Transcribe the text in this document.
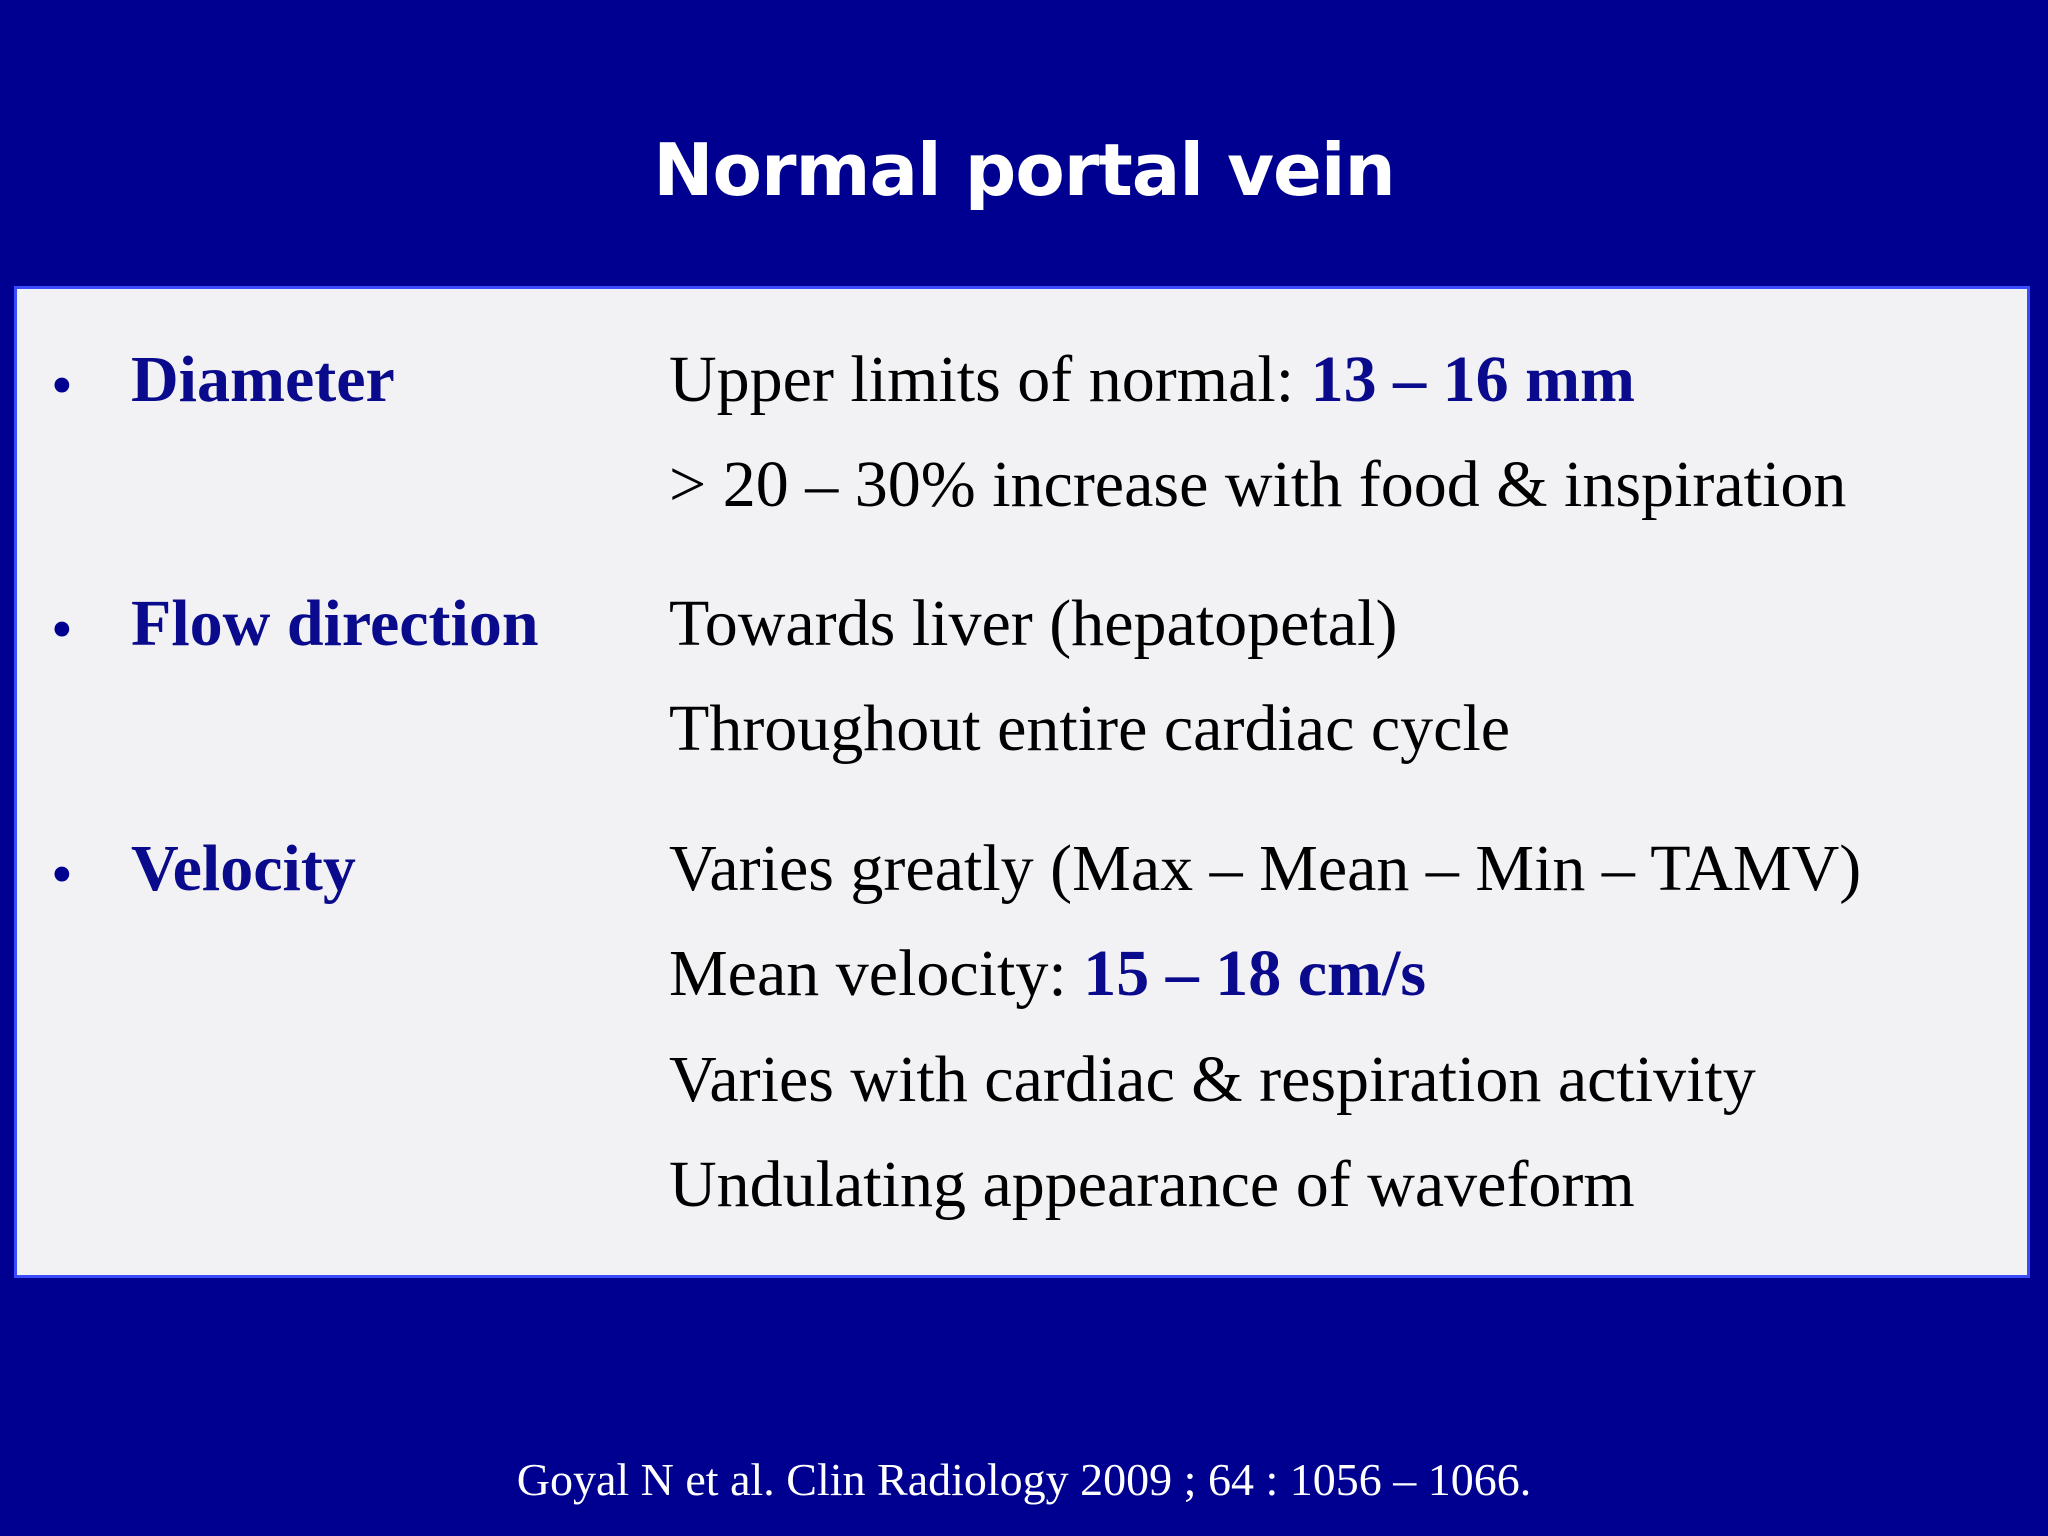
Normal portal vein
• Diameter	Upper limits of normal: 13 – 16 mm
> 20 – 30% increase with food & inspiration
• Flow direction Towards liver (hepatopetal)
Throughout entire cardiac cycle
• Velocity	Varies greatly (Max – Mean – Min – TAMV)
Mean velocity: 15 – 18 cm/s
Varies with cardiac & respiration activity
Undulating appearance of waveform
Goyal N et al. Clin Radiology 2009 ; 64 : 1056 – 1066.
